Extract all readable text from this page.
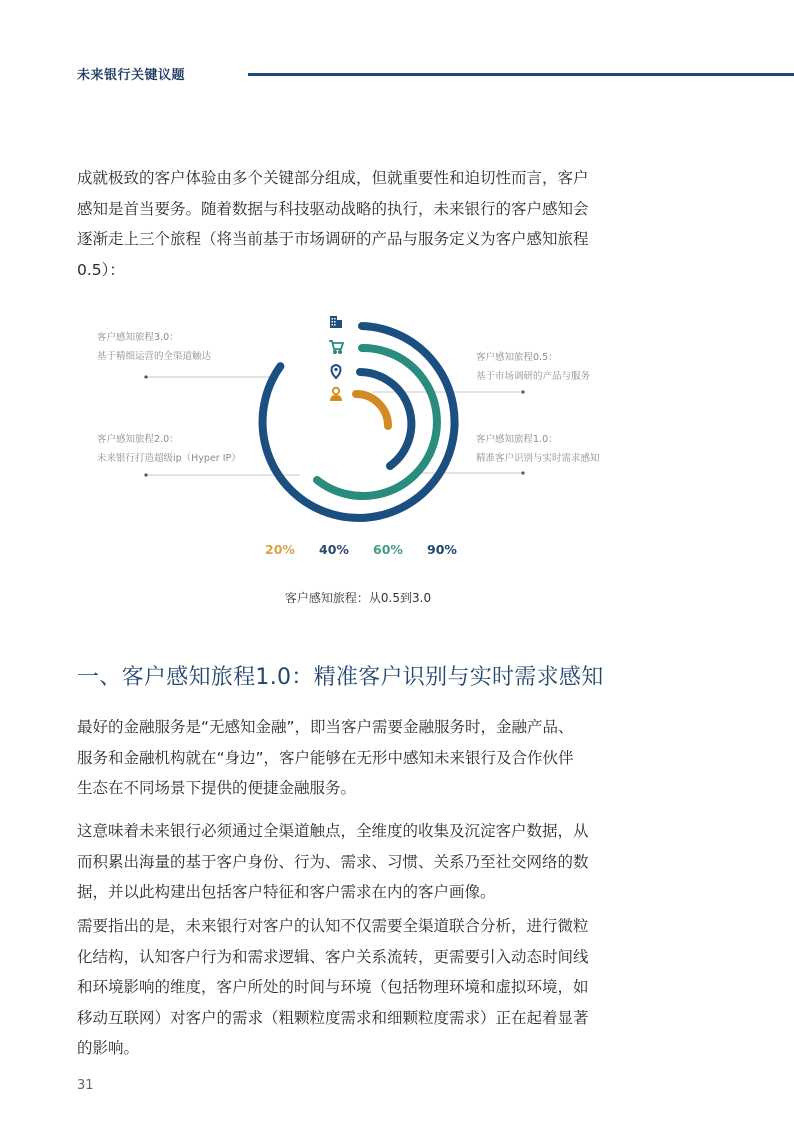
未来银行关键议题
成就极致的客户体验由多个关键部分组成，但就重要性和迫切性而言，客户
感知是首当要务。随着数据与科技驱动战略的执行，未来银行的客户感知会
逐渐走上三个旅程（将当前基于市场调研的产品与服务定义为客户感知旅程
0.5）：
客户感知旅程3.0：
基于精细运营的全渠道触达
客户感知旅程2.0：
未来银行打造超级ip（Hyper IP）
客户感知旅程0.5：
基于市场调研的产品与服务
客户感知旅程1.0：
精准客户识别与实时需求感知
20%	40%	60%	90%
客户感知旅程：从0.5到3.0
一、客户感知旅程1.0：精准客户识别与实时需求感知
最好的金融服务是“无感知金融”，即当客户需要金融服务时，金融产品、
服务和金融机构就在“身边”，客户能够在无形中感知未来银行及合作伙伴
生态在不同场景下提供的便捷金融服务。
这意味着未来银行必须通过全渠道触点，全维度的收集及沉淀客户数据，从
而积累出海量的基于客户身份、行为、需求、习惯、关系乃至社交网络的数
据，并以此构建出包括客户特征和客户需求在内的客户画像。
需要指出的是，未来银行对客户的认知不仅需要全渠道联合分析，进行微粒
化结构，认知客户行为和需求逻辑、客户关系流转，更需要引入动态时间线
和环境影响的维度，客户所处的时间与环境（包括物理环境和虚拟环境，如
移动互联网）对客户的需求（粗颗粒度需求和细颗粒度需求）正在起着显著
的影响。
31
